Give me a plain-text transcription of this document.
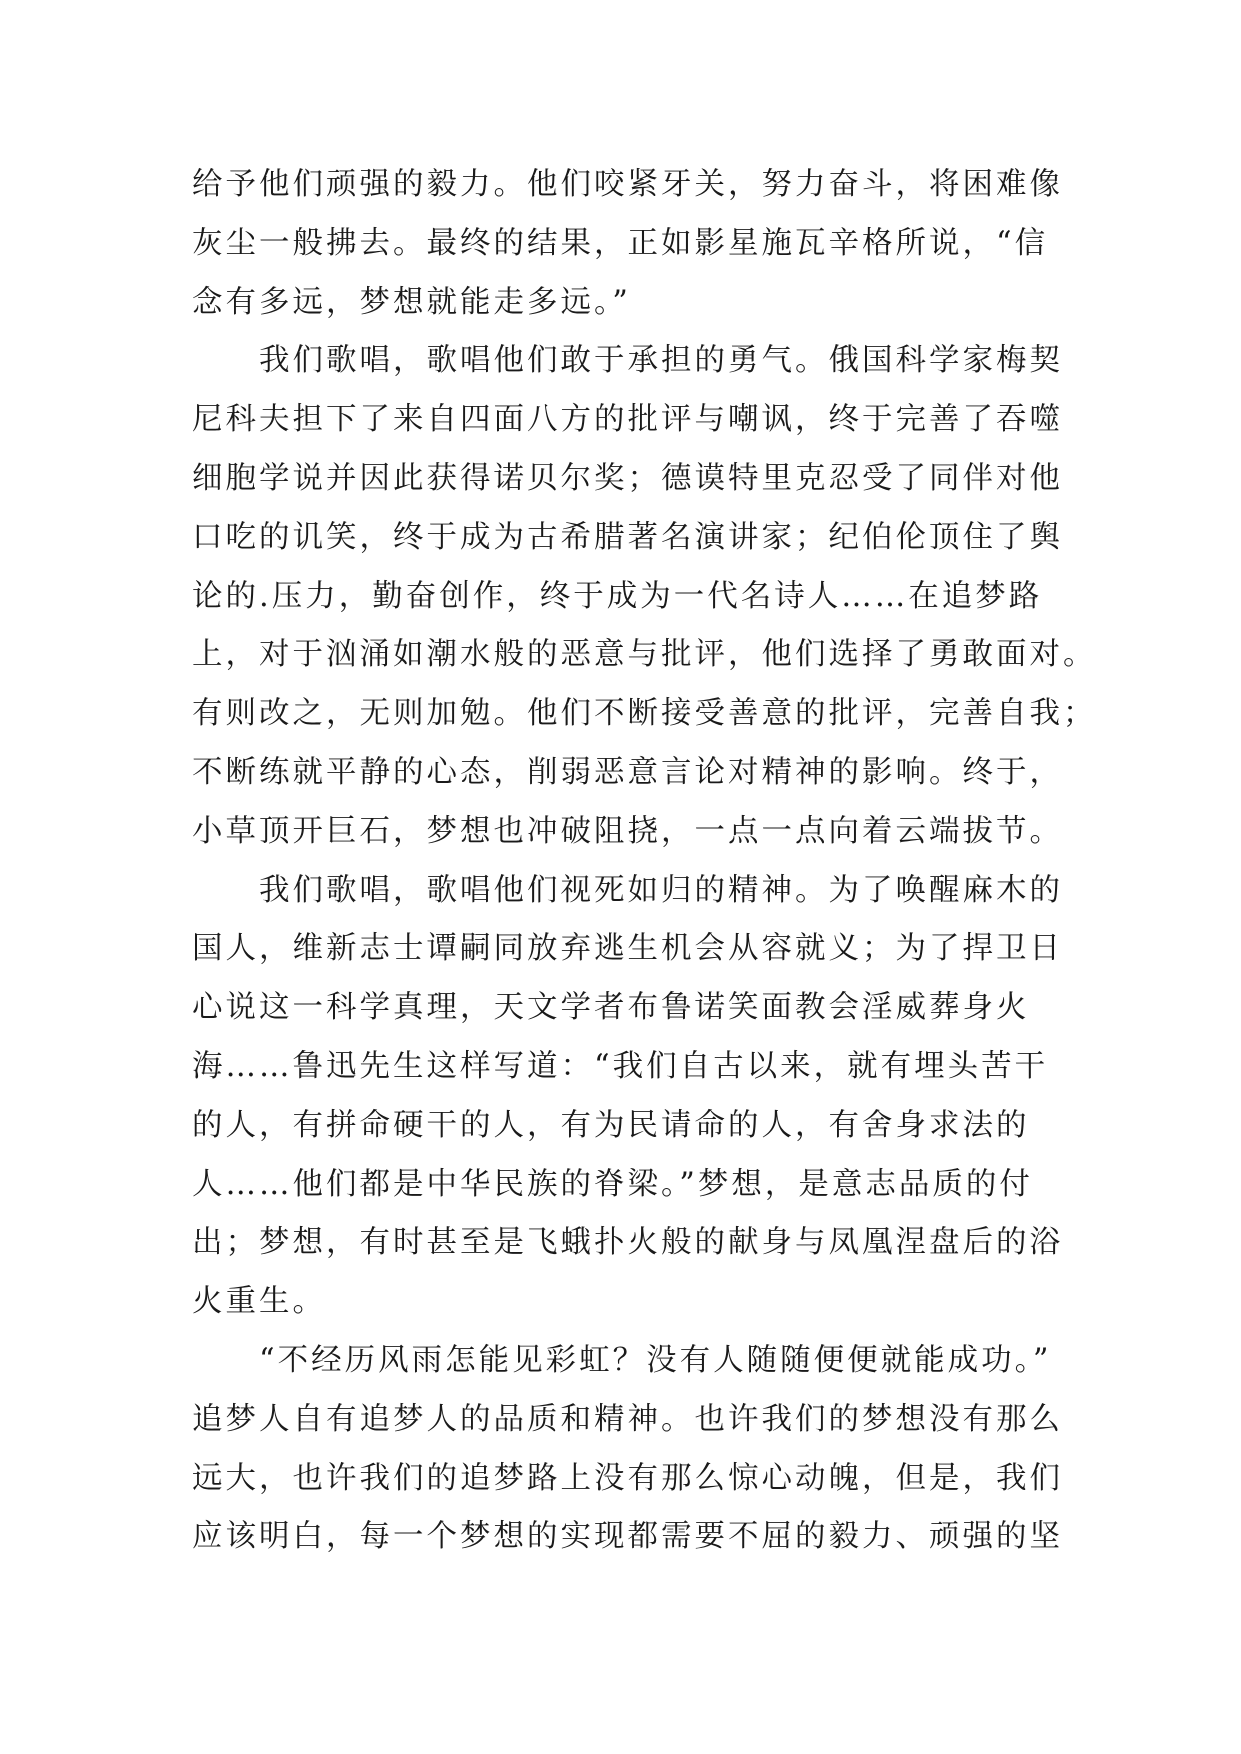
给予他们顽强的毅力。他们咬紧牙关，努力奋斗，将困难像
灰尘一般拂去。最终的结果，正如影星施瓦辛格所说，“信
念有多远，梦想就能走多远。”
　　我们歌唱，歌唱他们敢于承担的勇气。俄国科学家梅契
尼科夫担下了来自四面八方的批评与嘲讽，终于完善了吞噬
细胞学说并因此获得诺贝尔奖；德谟特里克忍受了同伴对他
口吃的讥笑，终于成为古希腊著名演讲家；纪伯伦顶住了舆
论的.压力，勤奋创作，终于成为一代名诗人……在追梦路
上，对于汹涌如潮水般的恶意与批评，他们选择了勇敢面对。
有则改之，无则加勉。他们不断接受善意的批评，完善自我；
不断练就平静的心态，削弱恶意言论对精神的影响。终于，
小草顶开巨石，梦想也冲破阻挠，一点一点向着云端拔节。
　　我们歌唱，歌唱他们视死如归的精神。为了唤醒麻木的
国人，维新志士谭嗣同放弃逃生机会从容就义；为了捍卫日
心说这一科学真理，天文学者布鲁诺笑面教会淫威葬身火
海……鲁迅先生这样写道：“我们自古以来，就有埋头苦干
的人，有拼命硬干的人，有为民请命的人，有舍身求法的
人……他们都是中华民族的脊梁。”梦想，是意志品质的付
出；梦想，有时甚至是飞蛾扑火般的献身与凤凰涅盘后的浴
火重生。
　　“不经历风雨怎能见彩虹？没有人随随便便就能成功。”
追梦人自有追梦人的品质和精神。也许我们的梦想没有那么
远大，也许我们的追梦路上没有那么惊心动魄，但是，我们
应该明白，每一个梦想的实现都需要不屈的毅力、顽强的坚
